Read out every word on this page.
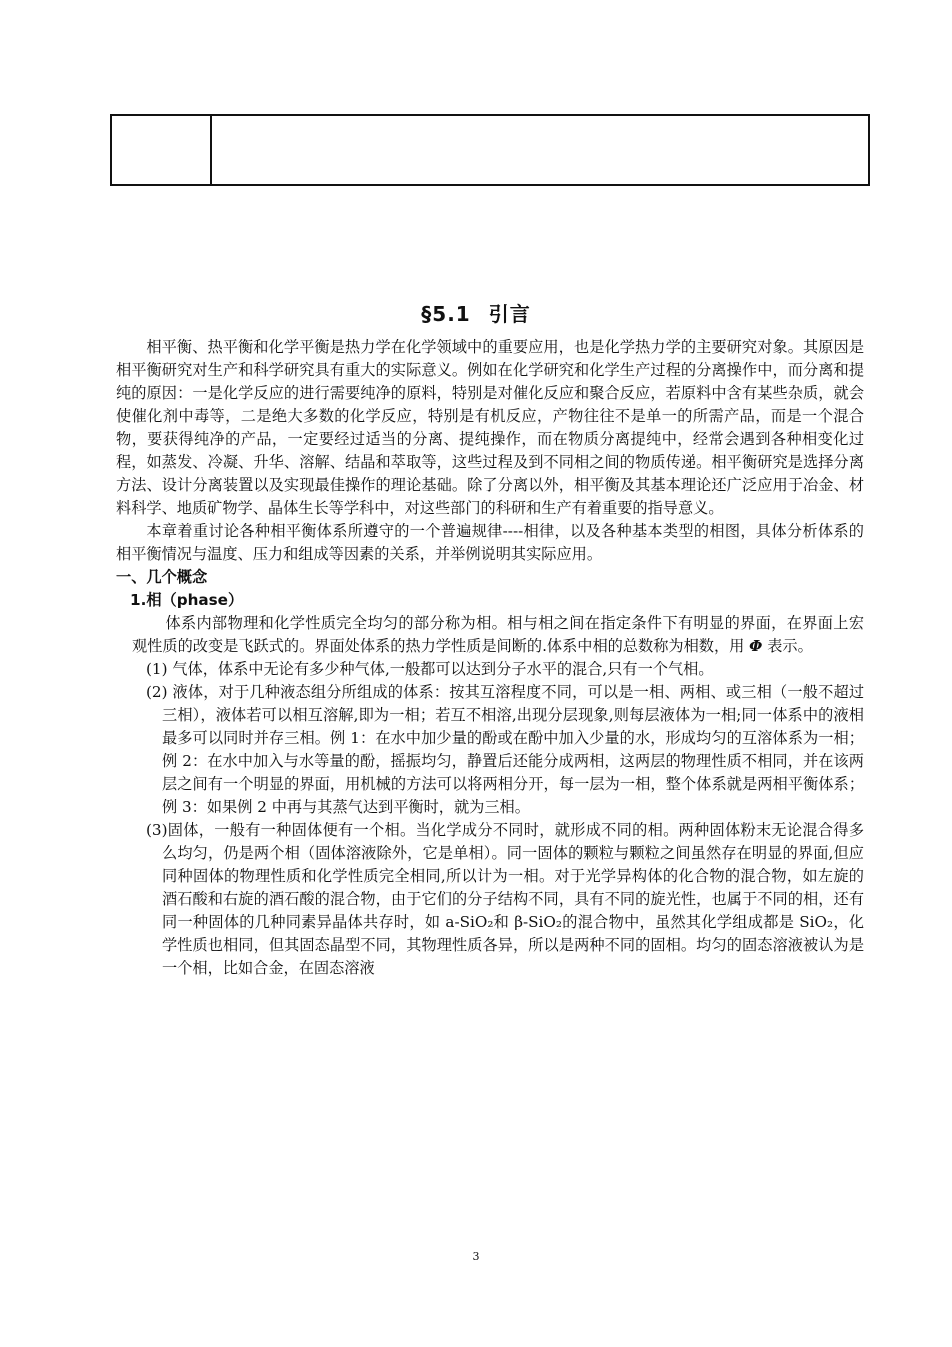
§5.1 引言

相平衡、热平衡和化学平衡是热力学在化学领域中的重要应用，也是化学热力学的主要研究对象。其原因是相平衡研究对生产和科学研究具有重大的实际意义。例如在化学研究和化学生产过程的分离操作中，而分离和提纯的原因：一是化学反应的进行需要纯净的原料，特别是对催化反应和聚合反应，若原料中含有某些杂质，就会使催化剂中毒等，二是绝大多数的化学反应，特别是有机反应，产物往往不是单一的所需产品，而是一个混合物，要获得纯净的产品，一定要经过适当的分离、提纯操作，而在物质分离提纯中，经常会遇到各种相变化过程，如蒸发、冷凝、升华、溶解、结晶和萃取等，这些过程及到不同相之间的物质传递。相平衡研究是选择分离方法、设计分离装置以及实现最佳操作的理论基础。除了分离以外，相平衡及其基本理论还广泛应用于冶金、材料科学、地质矿物学、晶体生长等学科中，对这些部门的科研和生产有着重要的指导意义。

本章着重讨论各种相平衡体系所遵守的一个普遍规律----相律，以及各种基本类型的相图，具体分析体系的相平衡情况与温度、压力和组成等因素的关系，并举例说明其实际应用。

一、几个概念

1.相（phase）

体系内部物理和化学性质完全均匀的部分称为相。相与相之间在指定条件下有明显的界面，在界面上宏观性质的改变是飞跃式的。界面处体系的热力学性质是间断的.体系中相的总数称为相数，用 Φ 表示。

(1) 气体，体系中无论有多少种气体,一般都可以达到分子水平的混合,只有一个气相。

(2) 液体，对于几种液态组分所组成的体系：按其互溶程度不同，可以是一相、两相、或三相（一般不超过三相），液体若可以相互溶解,即为一相；若互不相溶,出现分层现象,则每层液体为一相;同一体系中的液相最多可以同时并存三相。例 1：在水中加少量的酚或在酚中加入少量的水，形成均匀的互溶体系为一相；例 2：在水中加入与水等量的酚，摇振均匀，静置后还能分成两相，这两层的物理性质不相同，并在该两层之间有一个明显的界面，用机械的方法可以将两相分开，每一层为一相，整个体系就是两相平衡体系；例 3：如果例 2 中再与其蒸气达到平衡时，就为三相。

(3)固体，一般有一种固体便有一个相。当化学成分不同时，就形成不同的相。两种固体粉末无论混合得多么均匀，仍是两个相（固体溶液除外，它是单相）。同一固体的颗粒与颗粒之间虽然存在明显的界面,但应同种固体的物理性质和化学性质完全相同,所以计为一相。对于光学异构体的化合物的混合物，如左旋的酒石酸和右旋的酒石酸的混合物，由于它们的分子结构不同，具有不同的旋光性，也属于不同的相，还有同一种固体的几种同素异晶体共存时，如 a-SiO₂和 β-SiO₂的混合物中，虽然其化学组成都是 SiO₂，化学性质也相同，但其固态晶型不同，其物理性质各异，所以是两种不同的固相。均匀的固态溶液被认为是一个相，比如合金，在固态溶液

3
